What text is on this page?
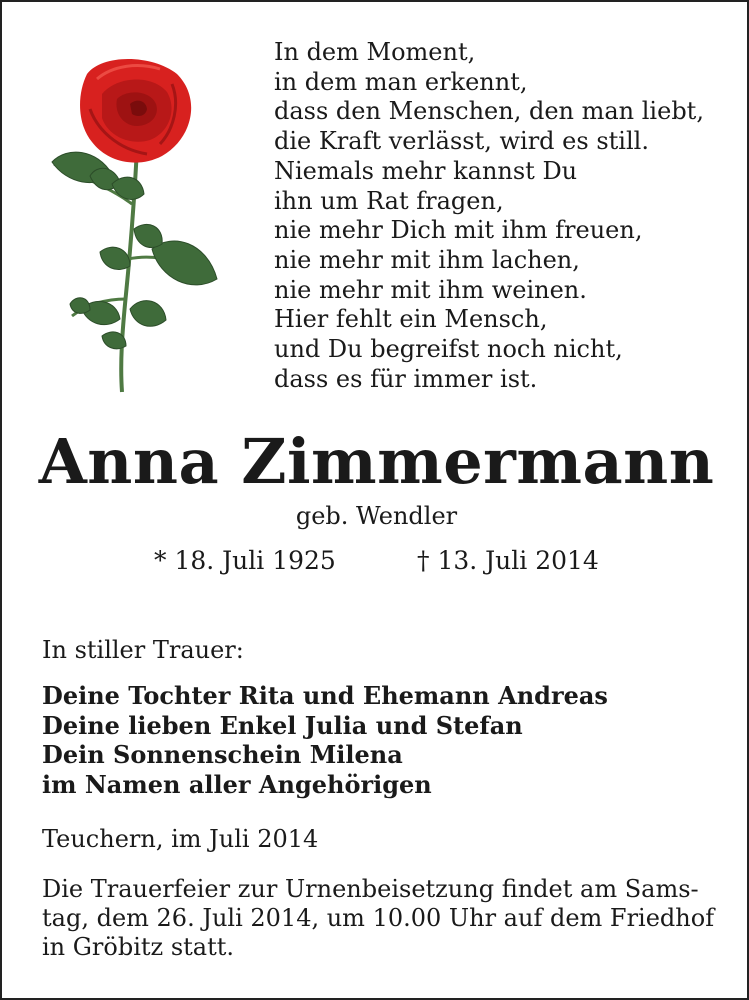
In dem Moment,
in dem man erkennt,
dass den Menschen, den man liebt,
die Kraft verlässt, wird es still.
Niemals mehr kannst Du
ihn um Rat fragen,
nie mehr Dich mit ihm freuen,
nie mehr mit ihm lachen,
nie mehr mit ihm weinen.
Hier fehlt ein Mensch,
und Du begreifst noch nicht,
dass es für immer ist.
Anna Zimmermann
geb. Wendler
* 18. Juli 1925	† 13. Juli 2014
In stiller Trauer:
Deine Tochter Rita und Ehemann Andreas
Deine lieben Enkel Julia und Stefan
Dein Sonnenschein Milena
im Namen aller Angehörigen
Teuchern, im Juli 2014
Die Trauerfeier zur Urnenbeisetzung findet am Sams-
tag, dem 26. Juli 2014, um 10.00 Uhr auf dem Friedhof
in Gröbitz statt.
